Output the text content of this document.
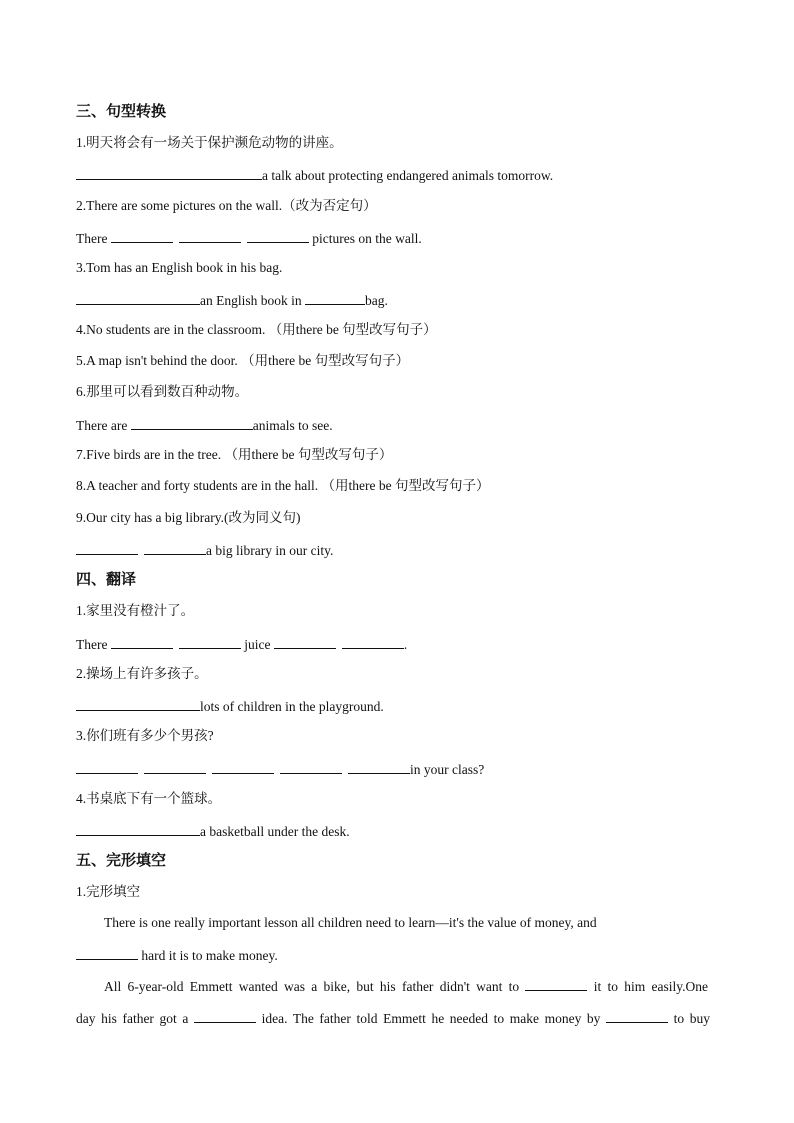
三、句型转换
1.明天将会有一场关于保护濒危动物的讲座。
a talk about protecting endangered animals tomorrow.
2.There are some pictures on the wall.（改为否定句）
There	pictures on the wall.
3.Tom has an English book in his bag.
an English book in	bag.
4.No students are in the classroom. （用there be 句型改写句子）
5.A map isn't behind the door. （用there be 句型改写句子）
6.那里可以看到数百种动物。
There are	animals to see.
7.Five birds are in the tree. （用there be 句型改写句子）
8.A teacher and forty students are in the hall. （用there be 句型改写句子）
9.Our city has a big library.(改为同义句)
a big library in our city.
四、翻译
1.家里没有橙汁了。
There	juice	.
2.操场上有许多孩子。
lots of children in the playground.
3.你们班有多少个男孩?
in your class?
4.书桌底下有一个篮球。
a basketball under the desk.
五、完形填空
1.完形填空
There is one really important lesson all children need to learn—it's the value of money, and
hard it is to make money.
All 6-year-old Emmett wanted was a bike, but his father didn't want to	it to him easily.One
day his father got a	idea. The father told Emmett he needed to make money by	to buy
